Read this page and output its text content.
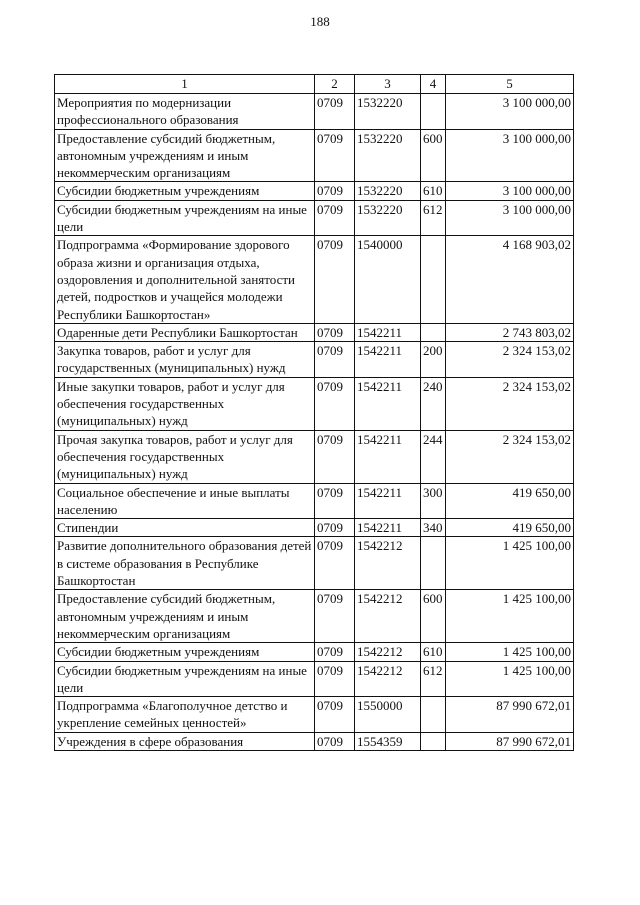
188
1	2	3	4	5
Мероприятия по модернизации профессионального образования	0709	1532220		3 100 000,00
Предоставление субсидий бюджетным, автономным учреждениям и иным некоммерческим организациям	0709	1532220	600	3 100 000,00
Субсидии бюджетным учреждениям	0709	1532220	610	3 100 000,00
Субсидии бюджетным учреждениям на иные цели	0709	1532220	612	3 100 000,00
Подпрограмма «Формирование здорового образа жизни и организация отдыха, оздоровления и дополнительной занятости детей, подростков и учащейся молодежи Республики Башкортостан»	0709	1540000		4 168 903,02
Одаренные дети Республики Башкортостан	0709	1542211		2 743 803,02
Закупка товаров, работ и услуг для государственных (муниципальных) нужд	0709	1542211	200	2 324 153,02
Иные закупки товаров, работ и услуг для обеспечения государственных (муниципальных) нужд	0709	1542211	240	2 324 153,02
Прочая закупка товаров, работ и услуг для обеспечения государственных (муниципальных) нужд	0709	1542211	244	2 324 153,02
Социальное обеспечение и иные выплаты населению	0709	1542211	300	419 650,00
Стипендии	0709	1542211	340	419 650,00
Развитие дополнительного образования детей в системе образования в Республике Башкортостан	0709	1542212		1 425 100,00
Предоставление субсидий бюджетным, автономным учреждениям и иным некоммерческим организациям	0709	1542212	600	1 425 100,00
Субсидии бюджетным учреждениям	0709	1542212	610	1 425 100,00
Субсидии бюджетным учреждениям на иные цели	0709	1542212	612	1 425 100,00
Подпрограмма «Благополучное детство и укрепление семейных ценностей»	0709	1550000		87 990 672,01
Учреждения в сфере образования	0709	1554359		87 990 672,01
